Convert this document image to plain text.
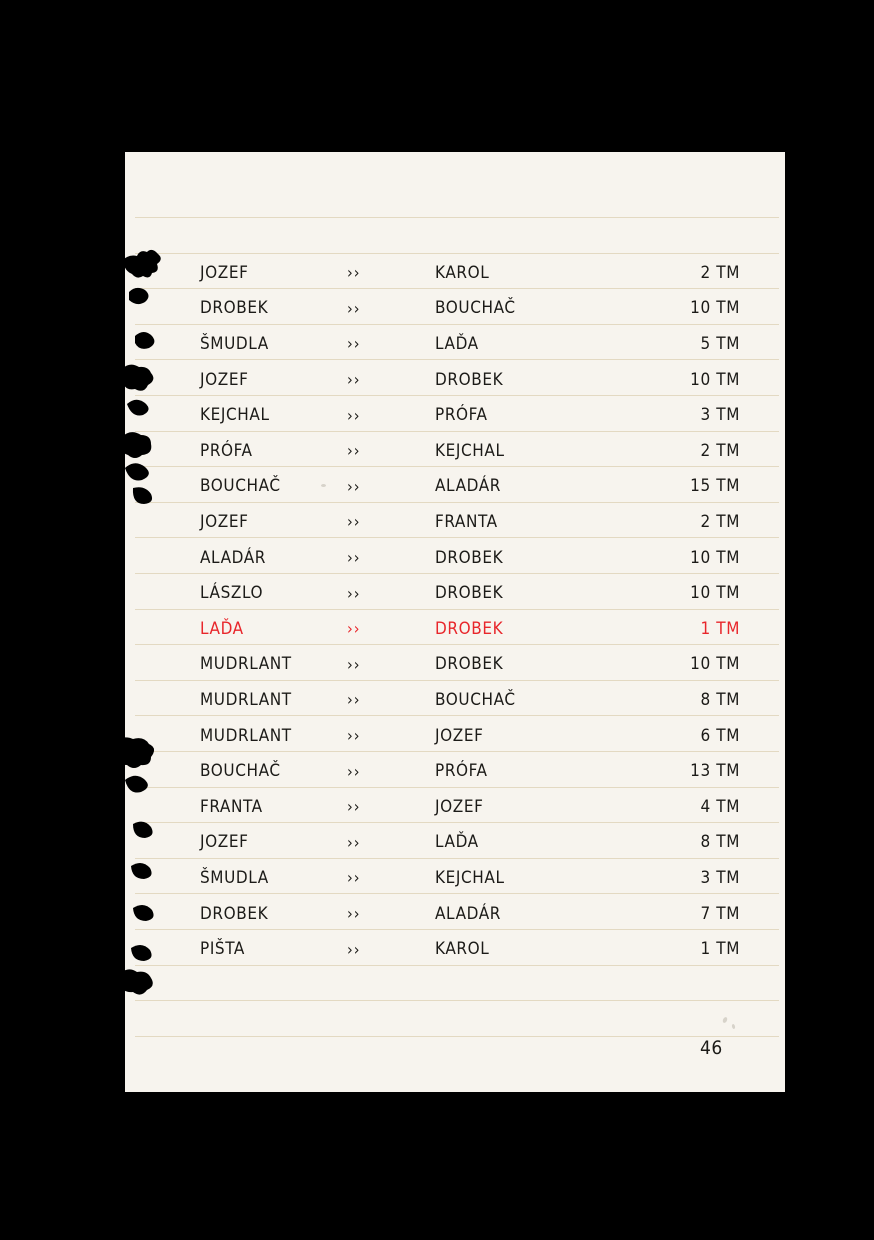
JOZEF	››	KAROL	2 TM
DROBEK	››	BOUCHAČ	10 TM
ŠMUDLA	››	LAĎA	5 TM
JOZEF	››	DROBEK	10 TM
KEJCHAL	››	PRÓFA	3 TM
PRÓFA	››	KEJCHAL	2 TM
BOUCHAČ	››	ALADÁR	15 TM
JOZEF	››	FRANTA	2 TM
ALADÁR	››	DROBEK	10 TM
LÁSZLO	››	DROBEK	10 TM
LAĎA	››	DROBEK	1 TM
MUDRLANT	››	DROBEK	10 TM
MUDRLANT	››	BOUCHAČ	8 TM
MUDRLANT	››	JOZEF	6 TM
BOUCHAČ	››	PRÓFA	13 TM
FRANTA	››	JOZEF	4 TM
JOZEF	››	LAĎA	8 TM
ŠMUDLA	››	KEJCHAL	3 TM
DROBEK	››	ALADÁR	7 TM
PIŠTA	››	KAROL	1 TM
46
